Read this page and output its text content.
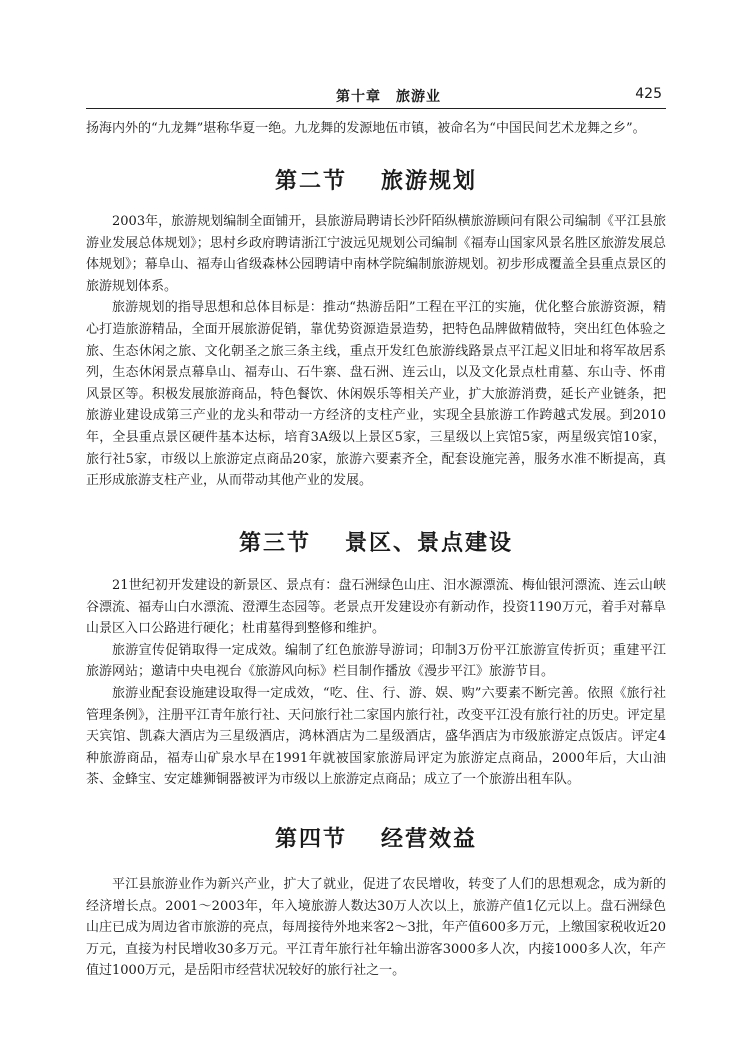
第十章　旅游业	425

扬海内外的“九龙舞”堪称华夏一绝。九龙舞的发源地伍市镇，被命名为“中国民间艺术龙舞之乡”。

第二节 旅游规划

2003年，旅游规划编制全面铺开，县旅游局聘请长沙阡陌纵横旅游顾问有限公司编制《平江县旅游业发展总体规划》；思村乡政府聘请浙江宁波远见规划公司编制《福寿山国家风景名胜区旅游发展总体规划》；幕阜山、福寿山省级森林公园聘请中南林学院编制旅游规划。初步形成覆盖全县重点景区的旅游规划体系。

旅游规划的指导思想和总体目标是：推动“热游岳阳”工程在平江的实施，优化整合旅游资源，精心打造旅游精品，全面开展旅游促销，靠优势资源造景造势，把特色品牌做精做特，突出红色体验之旅、生态休闲之旅、文化朝圣之旅三条主线，重点开发红色旅游线路景点平江起义旧址和将军故居系列，生态休闲景点幕阜山、福寿山、石牛寨、盘石洲、连云山，以及文化景点杜甫墓、东山寺、怀甫风景区等。积极发展旅游商品，特色餐饮、休闲娱乐等相关产业，扩大旅游消费，延长产业链条，把旅游业建设成第三产业的龙头和带动一方经济的支柱产业，实现全县旅游工作跨越式发展。到2010年，全县重点景区硬件基本达标，培育3A级以上景区5家，三星级以上宾馆5家，两星级宾馆10家，旅行社5家，市级以上旅游定点商品20家，旅游六要素齐全，配套设施完善，服务水准不断提高，真正形成旅游支柱产业，从而带动其他产业的发展。

第三节 景区、景点建设

21世纪初开发建设的新景区、景点有：盘石洲绿色山庄、汨水源漂流、梅仙银河漂流、连云山峡谷漂流、福寿山白水漂流、澄潭生态园等。老景点开发建设亦有新动作，投资1190万元，着手对幕阜山景区入口公路进行硬化；杜甫墓得到整修和维护。

旅游宣传促销取得一定成效。编制了红色旅游导游词；印制3万份平江旅游宣传折页；重建平江旅游网站；邀请中央电视台《旅游风向标》栏目制作播放《漫步平江》旅游节目。

旅游业配套设施建设取得一定成效，“吃、住、行、游、娱、购”六要素不断完善。依照《旅行社管理条例》，注册平江青年旅行社、天问旅行社二家国内旅行社，改变平江没有旅行社的历史。评定星天宾馆、凯森大酒店为三星级酒店，鸿林酒店为二星级酒店，盛华酒店为市级旅游定点饭店。评定4种旅游商品，福寿山矿泉水早在1991年就被国家旅游局评定为旅游定点商品，2000年后，大山油茶、金蜂宝、安定雄狮铜器被评为市级以上旅游定点商品；成立了一个旅游出租车队。

第四节 经营效益

平江县旅游业作为新兴产业，扩大了就业，促进了农民增收，转变了人们的思想观念，成为新的经济增长点。2001～2003年，年入境旅游人数达30万人次以上，旅游产值1亿元以上。盘石洲绿色山庄已成为周边省市旅游的亮点，每周接待外地来客2～3批，年产值600多万元，上缴国家税收近20万元，直接为村民增收30多万元。平江青年旅行社年输出游客3000多人次，内接1000多人次，年产值过1000万元，是岳阳市经营状况较好的旅行社之一。
